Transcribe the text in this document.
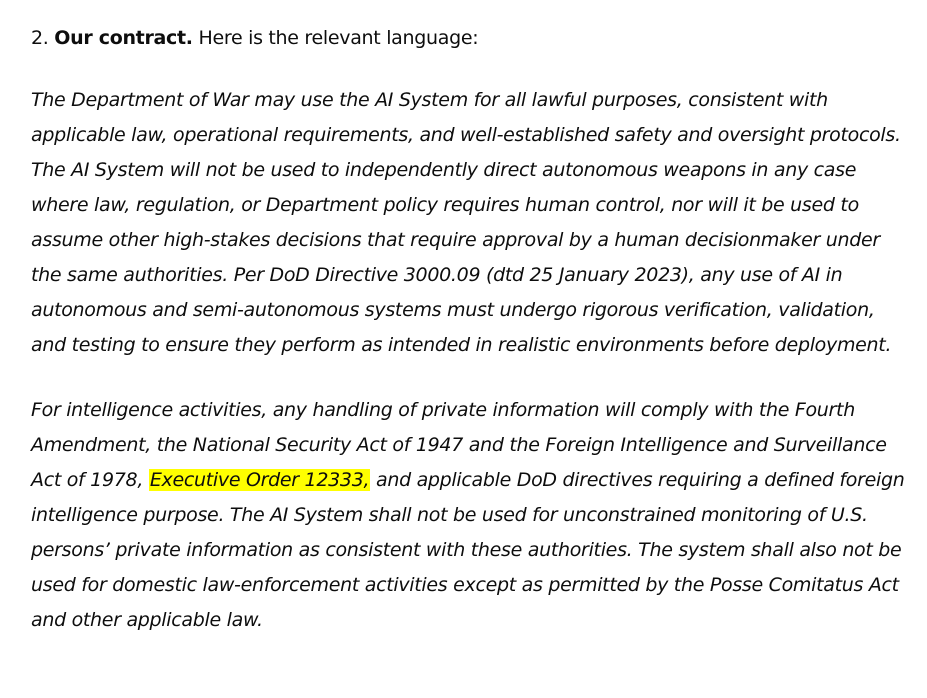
2. Our contract. Here is the relevant language:

The Department of War may use the AI System for all lawful purposes, consistent with applicable law, operational requirements, and well-established safety and oversight protocols. The AI System will not be used to independently direct autonomous weapons in any case where law, regulation, or Department policy requires human control, nor will it be used to assume other high-stakes decisions that require approval by a human decisionmaker under the same authorities. Per DoD Directive 3000.09 (dtd 25 January 2023), any use of AI in autonomous and semi-autonomous systems must undergo rigorous verification, validation, and testing to ensure they perform as intended in realistic environments before deployment.

For intelligence activities, any handling of private information will comply with the Fourth Amendment, the National Security Act of 1947 and the Foreign Intelligence and Surveillance Act of 1978, Executive Order 12333, and applicable DoD directives requiring a defined foreign intelligence purpose. The AI System shall not be used for unconstrained monitoring of U.S. persons’ private information as consistent with these authorities. The system shall also not be used for domestic law-enforcement activities except as permitted by the Posse Comitatus Act and other applicable law.
